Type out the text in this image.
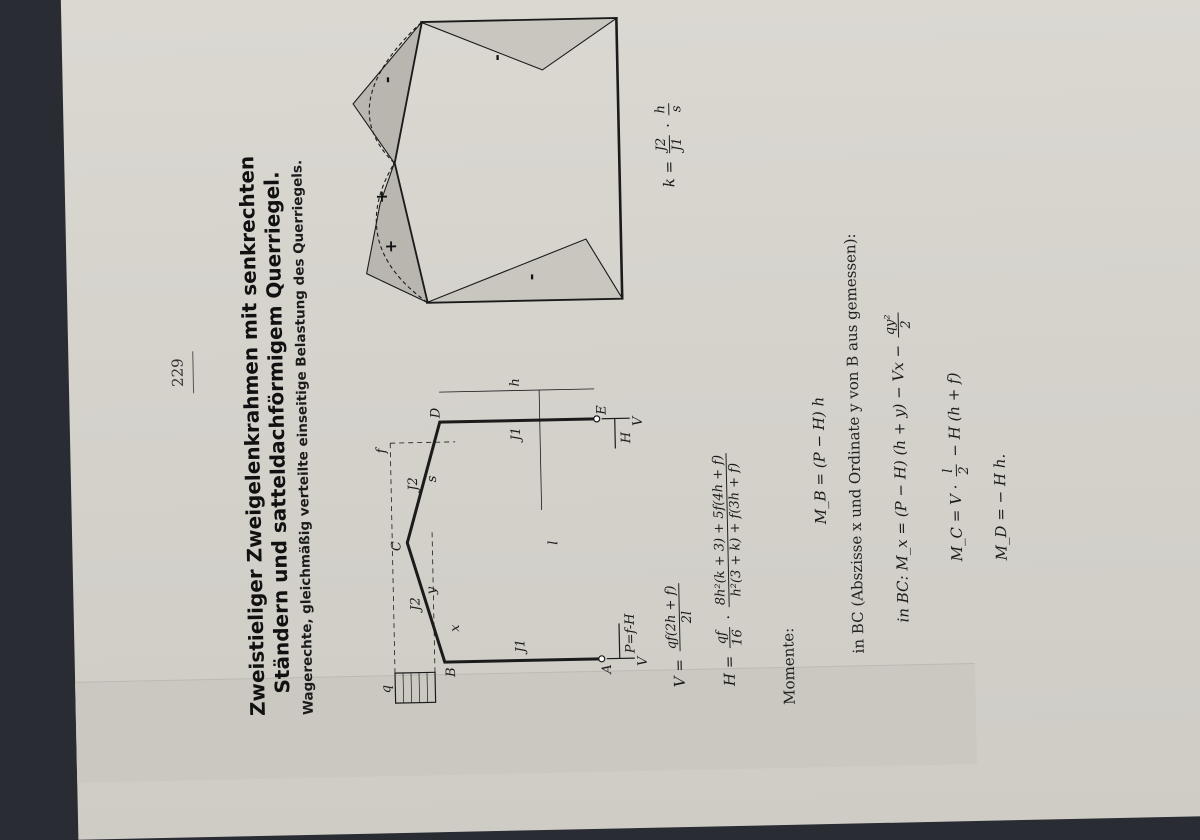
229	Zweistieliger Zweigelenkrahmen mit senkrechten
Ständern und satteldachförmigem Querriegel.
Wagerechte, gleichmäßig verteilte einseitige Belastung des Querriegels.	q
A
B
C
D	E
P=f-H
H
V
V
f
h
J1
J1
J2
J2 s
l
x
y
-
-
+
+
-
V =
qf(2h + f) 2l
H =
qf 16
·
8h²(k + 3) + 5f(4h + f)
h²(3 + k) + f(3h + f)
k =
J2 J1
·
h s
Momente:
M_B = (P − H) h in BC (Abszisse x und Ordinate y von B aus gemessen):	in BC: M_x = (P − H) (h + y) − Vx −
qy² 2
M_C = V ·
l 2
− H (h + f)
M_D = − H h.
